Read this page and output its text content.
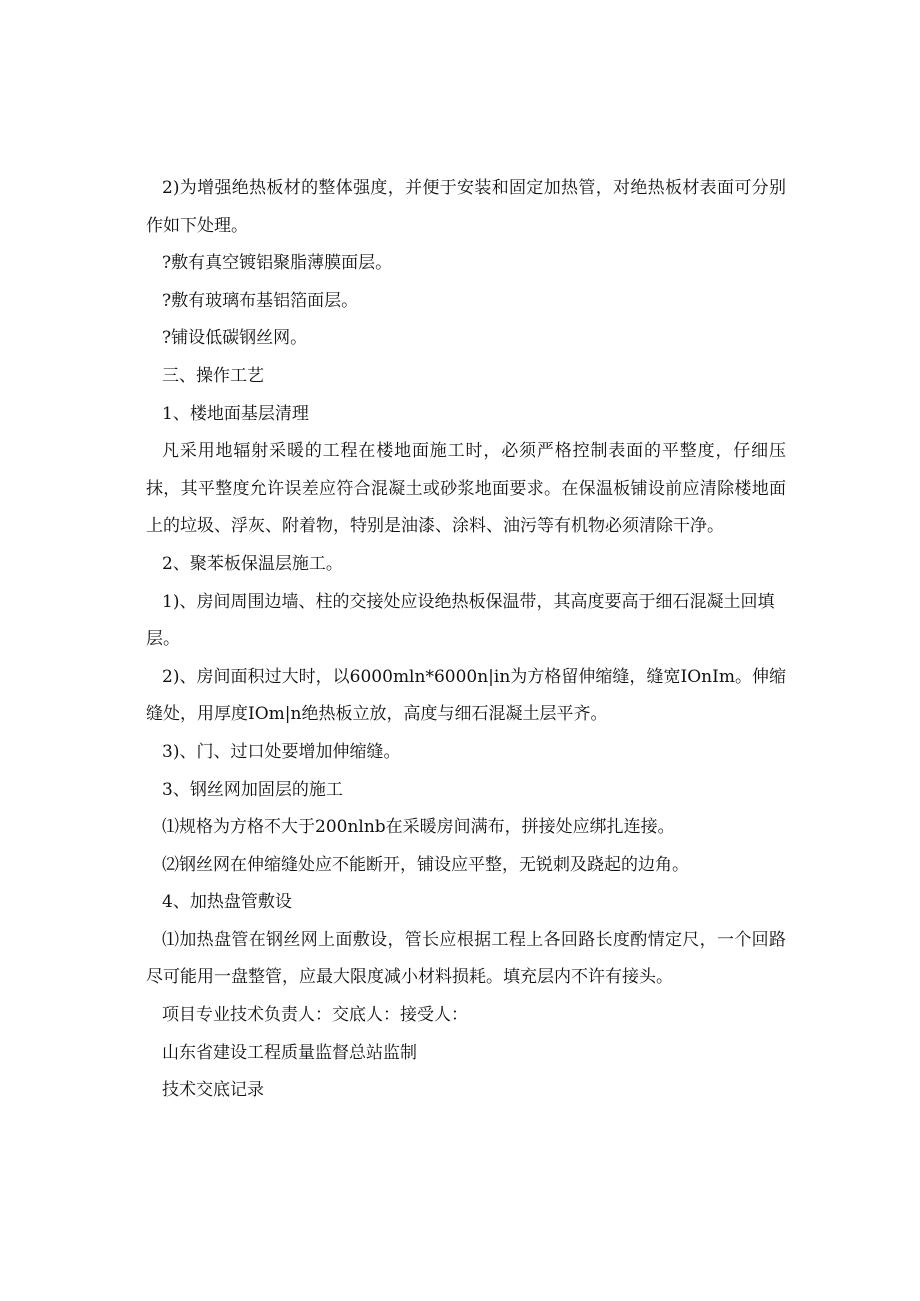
2)为增强绝热板材的整体强度，并便于安装和固定加热管，对绝热板材表面可分别作如下处理。

?敷有真空镀铝聚脂薄膜面层。

?敷有玻璃布基铝箔面层。

?铺设低碳钢丝网。

三、操作工艺

1、楼地面基层清理

凡采用地辐射采暖的工程在楼地面施工时，必须严格控制表面的平整度，仔细压抹，其平整度允许误差应符合混凝土或砂浆地面要求。在保温板铺设前应清除楼地面上的垃圾、浮灰、附着物，特别是油漆、涂料、油污等有机物必须清除干净。

2、聚苯板保温层施工。

1)、房间周围边墙、柱的交接处应设绝热板保温带，其高度要高于细石混凝土回填层。

2)、房间面积过大时，以6000mln*6000n|in为方格留伸缩缝，缝宽IOnIm。伸缩缝处，用厚度IOm|n绝热板立放，高度与细石混凝土层平齐。

3)、门、过口处要增加伸缩缝。

3、钢丝网加固层的施工

⑴规格为方格不大于200nlnb在采暖房间满布，拼接处应绑扎连接。

⑵钢丝网在伸缩缝处应不能断开，铺设应平整，无锐刺及跷起的边角。

4、加热盘管敷设

⑴加热盘管在钢丝网上面敷设，管长应根据工程上各回路长度酌情定尺，一个回路尽可能用一盘整管，应最大限度减小材料损耗。填充层内不许有接头。

项目专业技术负责人：交底人：接受人：

山东省建设工程质量监督总站监制

技术交底记录
